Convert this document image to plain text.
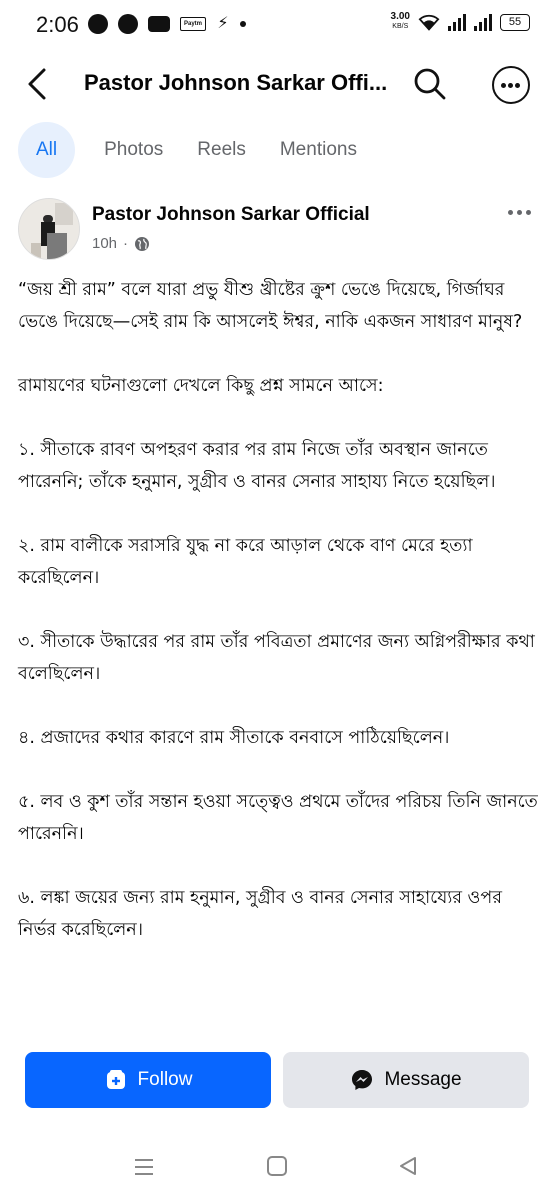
2:06	Paytm ⚡	3.00
KB/S	55
Pastor Johnson Sarkar Offi...
All	Photos	Reels	Mentions
Pastor Johnson Sarkar Official
10h ·

“জয় শ্রী রাম” বলে যারা প্রভু যীশু খ্রীষ্টের ক্রুশ ভেঙে দিয়েছে, গির্জাঘর ভেঙে দিয়েছে—সেই রাম কি আসলেই ঈশ্বর, নাকি একজন সাধারণ মানুষ?

রামায়ণের ঘটনাগুলো দেখলে কিছু প্রশ্ন সামনে আসে:

১. সীতাকে রাবণ অপহরণ করার পর রাম নিজে তাঁর অবস্থান জানতে পারেননি; তাঁকে হনুমান, সুগ্রীব ও বানর সেনার সাহায্য নিতে হয়েছিল।

২. রাম বালীকে সরাসরি যুদ্ধ না করে আড়াল থেকে বাণ মেরে হত্যা করেছিলেন।

৩. সীতাকে উদ্ধারের পর রাম তাঁর পবিত্রতা প্রমাণের জন্য অগ্নিপরীক্ষার কথা বলেছিলেন।

৪. প্রজাদের কথার কারণে রাম সীতাকে বনবাসে পাঠিয়েছিলেন।

৫. লব ও কুশ তাঁর সন্তান হওয়া সত্ত্বেও প্রথমে তাঁদের পরিচয় তিনি জানতে পারেননি।

৬. লঙ্কা জয়ের জন্য রাম হনুমান, সুগ্রীব ও বানর সেনার সাহায্যের ওপর নির্ভর করেছিলেন।

Follow	Message
